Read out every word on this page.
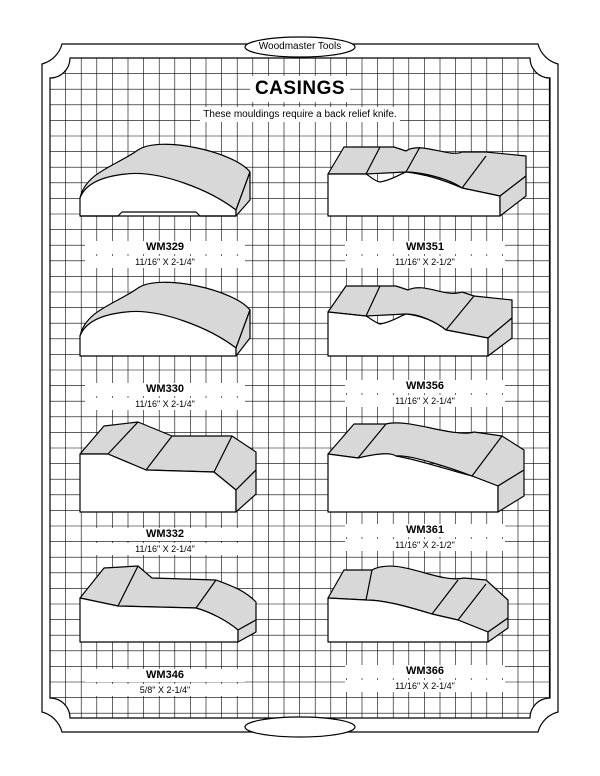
Woodmaster Tools
CASINGS
These mouldings require a back relief knife.
WM329
11/16" X 2-1/4"
WM351
11/16" X 2-1/2"
WM330
11/16" X 2-1/4"
WM356
11/16" X 2-1/4"
WM332
11/16" X 2-1/4"
WM361
11/16" X 2-1/2"
WM346
5/8" X 2-1/4"
WM366
11/16" X 2-1/4"
